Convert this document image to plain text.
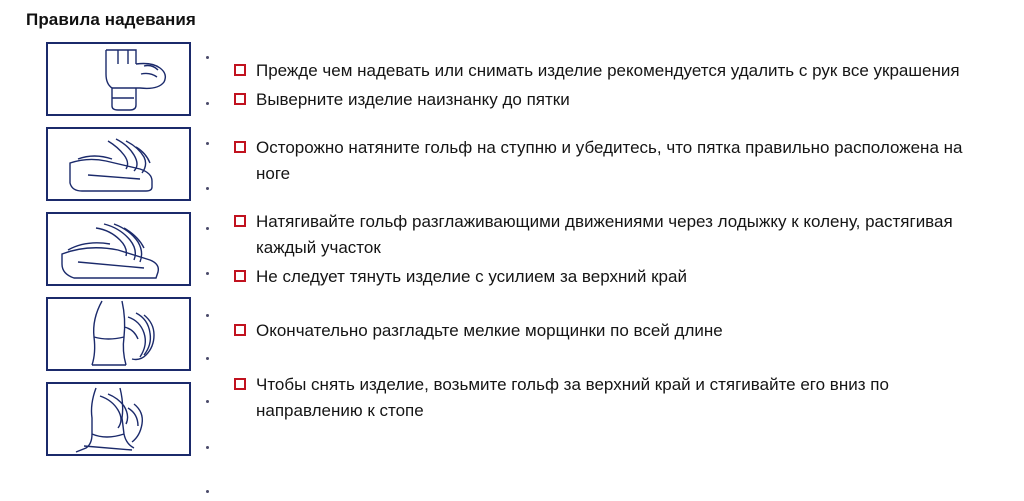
Правила надевания
Прежде чем надевать или снимать изделие рекомендуется удалить с рук все украшения
Выверните изделие наизнанку до пятки
Осторожно натяните гольф на ступню и убедитесь, что пятка правильно расположена на ноге
Натягивайте гольф разглаживающими движениями через лодыжку к колену, растягивая каждый участок
Не следует тянуть изделие с усилием за верхний край
Окончательно разгладьте мелкие морщинки по всей длине
Чтобы снять изделие, возьмите гольф за верхний край и стягивайте его вниз по направлению к стопе
